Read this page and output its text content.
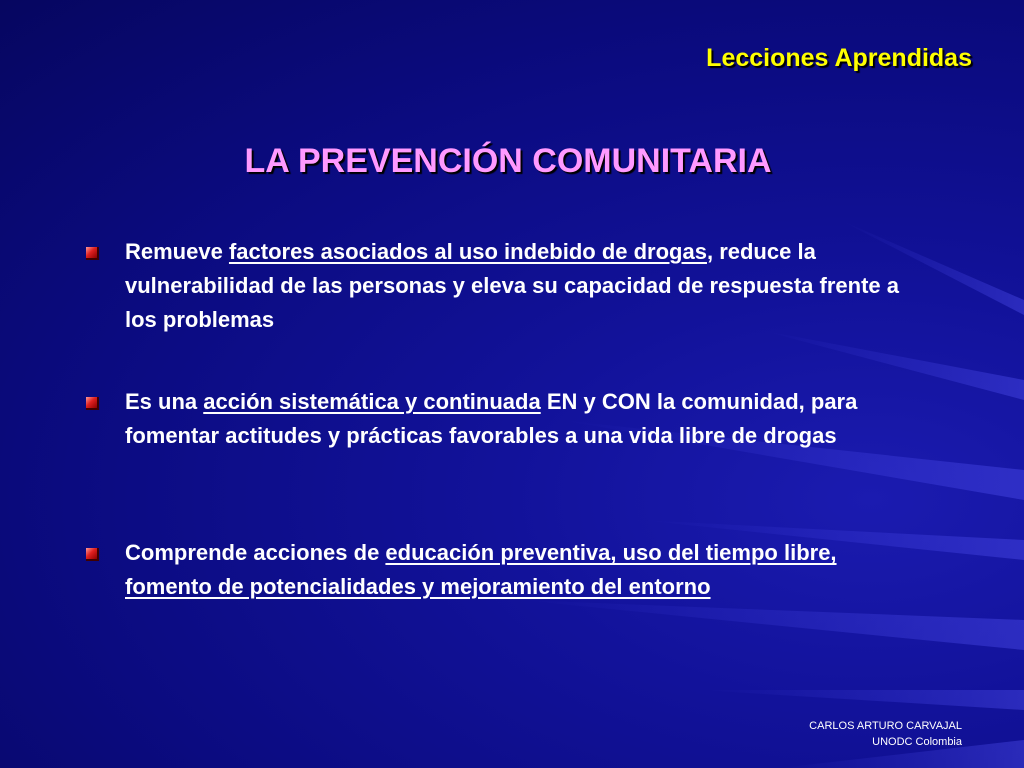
Lecciones Aprendidas
LA PREVENCIÓN COMUNITARIA
Remueve factores asociados al uso indebido de drogas, reduce la vulnerabilidad de las personas y eleva su capacidad de respuesta frente a los problemas
Es una acción sistemática y continuada EN y CON la comunidad, para fomentar actitudes y prácticas favorables a una vida libre de drogas
Comprende acciones de educación preventiva, uso del tiempo libre, fomento de potencialidades y mejoramiento del entorno
CARLOS ARTURO CARVAJAL
UNODC Colombia
